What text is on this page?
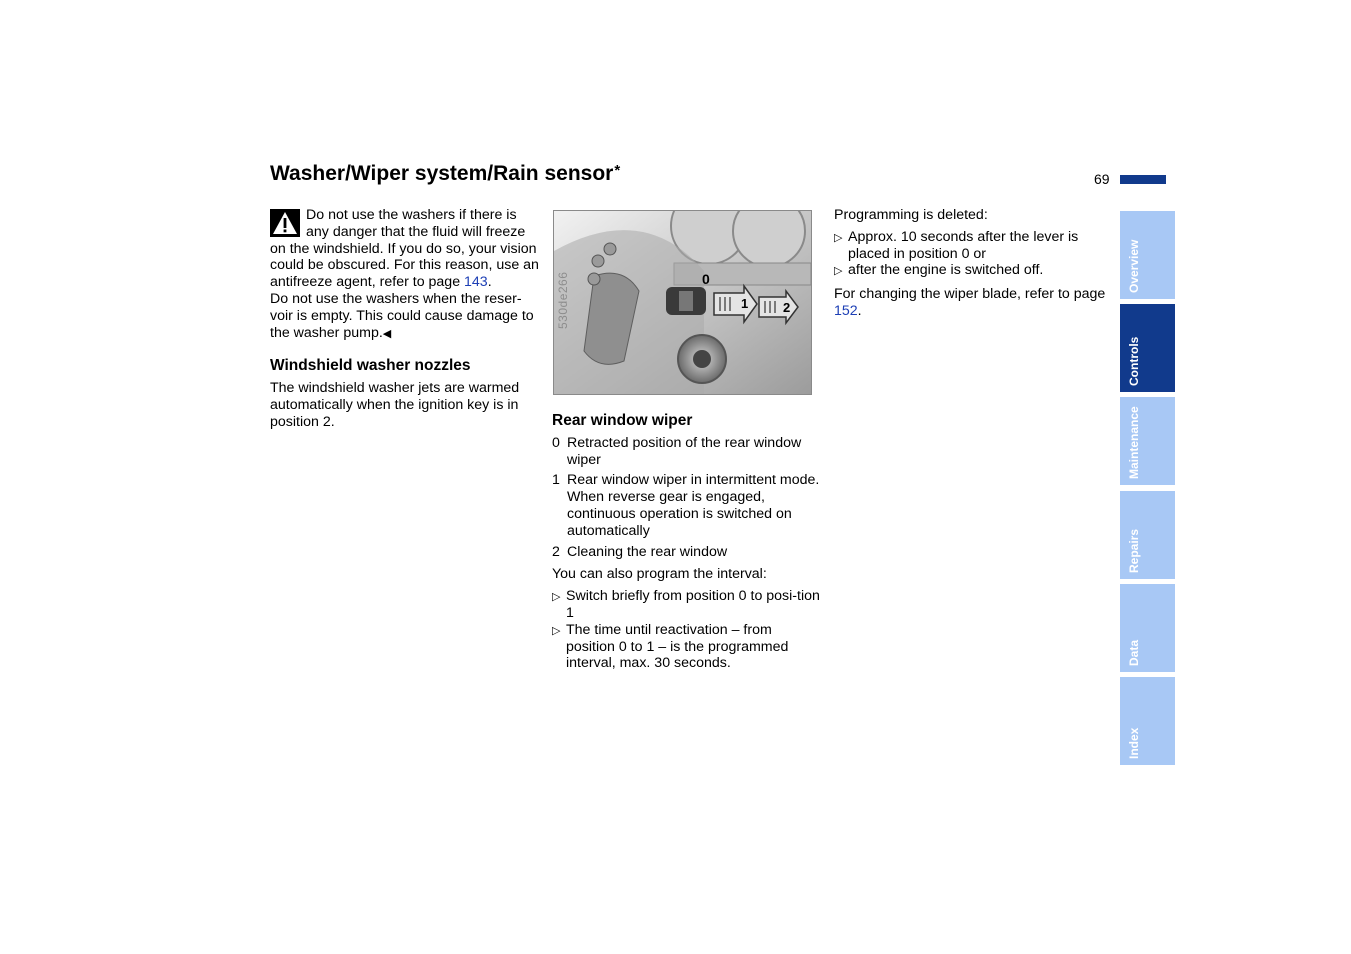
Washer/Wiper system/Rain sensor*	69

Do not use the washers if there is any danger that the fluid will freeze on the windshield. If you do so, your vision could be obscured. For this reason, use an antifreeze agent, refer to page 143.
Do not use the washers when the reser-voir is empty. This could cause damage to the washer pump.◀

Windshield washer nozzles

The windshield washer jets are warmed automatically when the ignition key is in position 2.

530de266	0
1	2
Rear window wiper
0 Retracted position of the rear window wiper
1 Rear window wiper in intermittent mode. When reverse gear is engaged, continuous operation is switched on automatically
2 Cleaning the rear window

You can also program the interval:

▷ Switch briefly from position 0 to posi-tion 1
▷ The time until reactivation – from position 0 to 1 – is the programmed interval, max. 30 seconds.

Programming is deleted:

▷ Approx. 10 seconds after the lever is placed in position 0 or
▷ after the engine is switched off.

For changing the wiper blade, refer to page 152.

Overview
Controls
Maintenance
Repairs
Data
Index
